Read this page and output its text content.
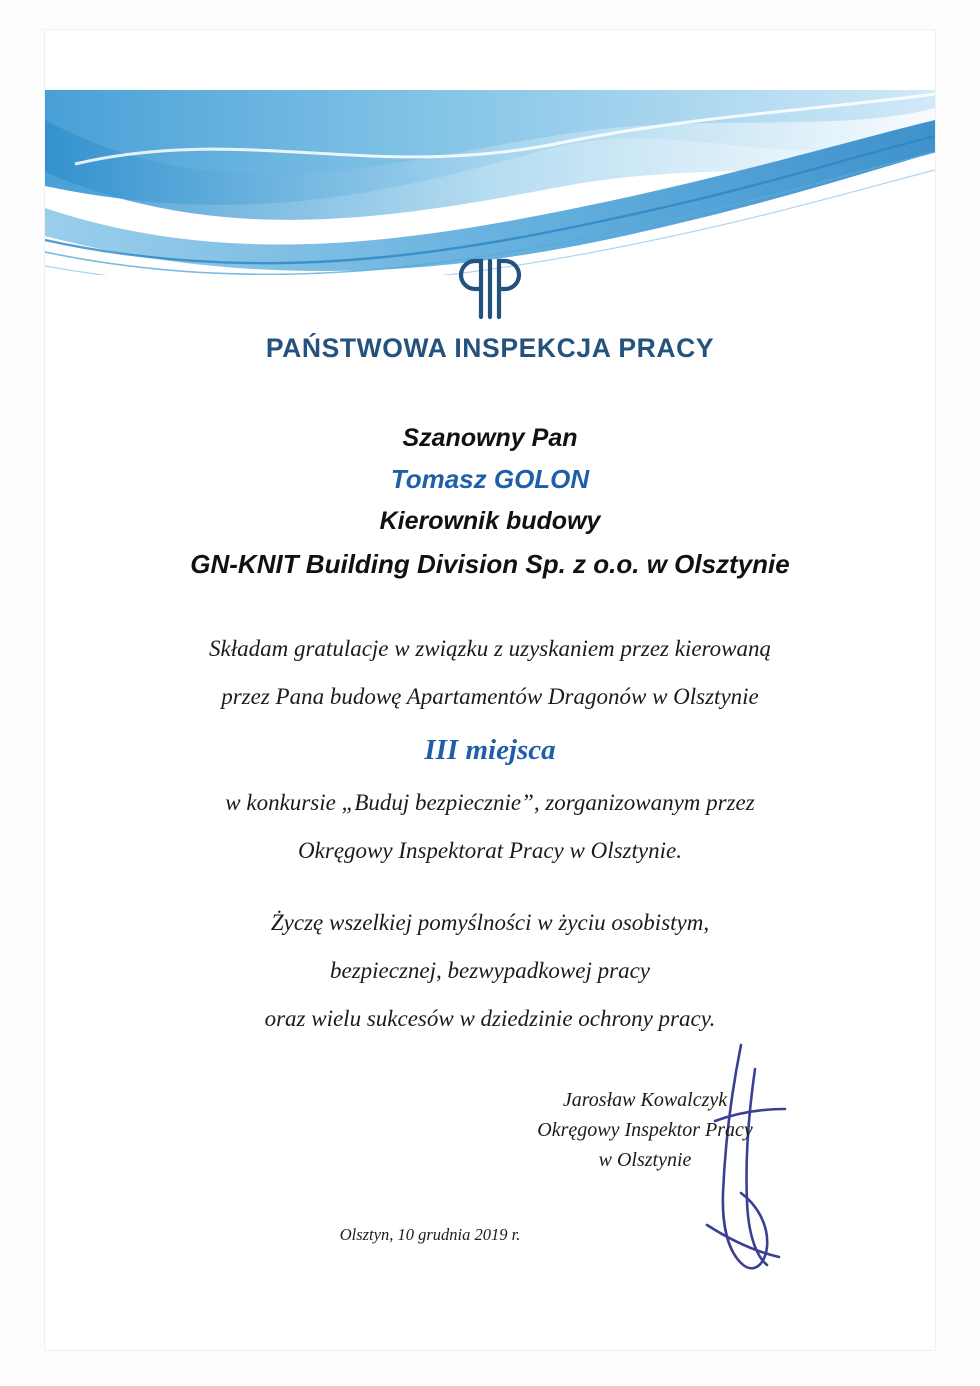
PAŃSTWOWA INSPEKCJA PRACY
Szanowny Pan
Tomasz GOLON
Kierownik budowy
GN-KNIT Building Division Sp. z o.o. w Olsztynie
Składam gratulacje w związku z uzyskaniem przez kierowaną
przez Pana budowę Apartamentów Dragonów w Olsztynie
III miejsca
w konkursie „Buduj bezpiecznie”, zorganizowanym przez
Okręgowy Inspektorat Pracy w Olsztynie.
Życzę wszelkiej pomyślności w życiu osobistym,
bezpiecznej, bezwypadkowej pracy
oraz wielu sukcesów w dziedzinie ochrony pracy.
Jarosław Kowalczyk
Okręgowy Inspektor Pracy
w Olsztynie
Olsztyn, 10 grudnia 2019 r.
